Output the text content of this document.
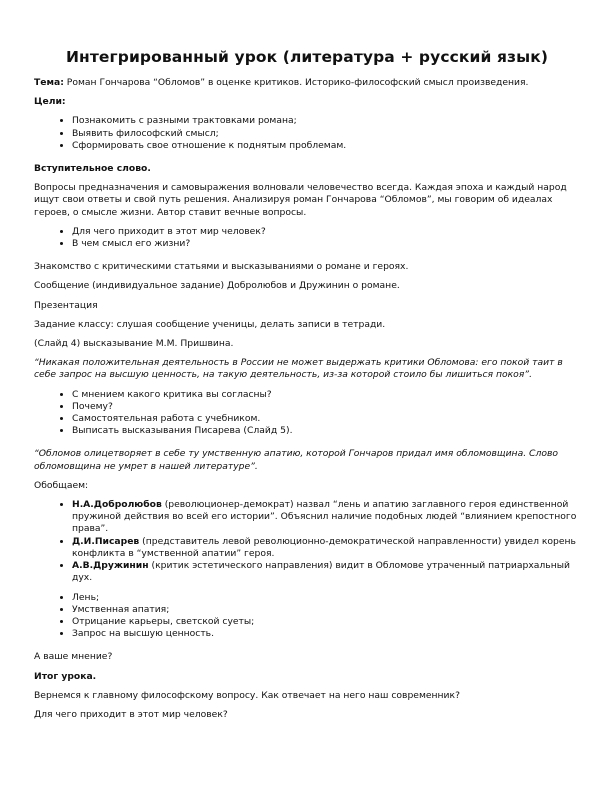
Интегрированный урок (литература + русский язык)

Тема: Роман Гончарова “Обломов” в оценке критиков. Историко-философский смысл произведения.

Цели:

• Познакомить с разными трактовками романа;
• Выявить философский смысл;
• Сформировать свое отношение к поднятым проблемам.

Вступительное слово.

Вопросы предназначения и самовыражения волновали человечество всегда. Каждая эпоха и каждый народ ищут свои ответы и свой путь решения. Анализируя роман Гончарова “Обломов”, мы говорим об идеалах героев, о смысле жизни. Автор ставит вечные вопросы.

• Для чего приходит в этот мир человек?
• В чем смысл его жизни?

Знакомство с критическими статьями и высказываниями о романе и героях.

Сообщение (индивидуальное задание) Добролюбов и Дружинин о романе.

Презентация

Задание классу: слушая сообщение ученицы, делать записи в тетради.

(Слайд 4) высказывание М.М. Пришвина.

“Никакая положительная деятельность в России не может выдержать критики Обломова: его покой таит в себе запрос на высшую ценность, на такую деятельность, из-за которой стоило бы лишиться покоя”.

• С мнением какого критика вы согласны?
• Почему?
• Самостоятельная работа с учебником.
• Выписать высказывания Писарева (Слайд 5).

“Обломов олицетворяет в себе ту умственную апатию, которой Гончаров придал имя обломовщина. Слово обломовщина не умрет в нашей литературе”.

Обобщаем:

• Н.А.Добролюбов (революционер-демократ) назвал “лень и апатию заглавного героя единственной пружиной действия во всей его истории”. Объяснил наличие подобных людей “влиянием крепостного права”.
• Д.И.Писарев (представитель левой революционно-демократической направленности) увидел корень конфликта в “умственной апатии” героя.
• А.В.Дружинин (критик эстетического направления) видит в Обломове утраченный патриархальный дух.
• Лень;
• Умственная апатия;
• Отрицание карьеры, светской суеты;
• Запрос на высшую ценность.

А ваше мнение?

Итог урока.

Вернемся к главному философскому вопросу. Как отвечает на него наш современник?

Для чего приходит в этот мир человек?
